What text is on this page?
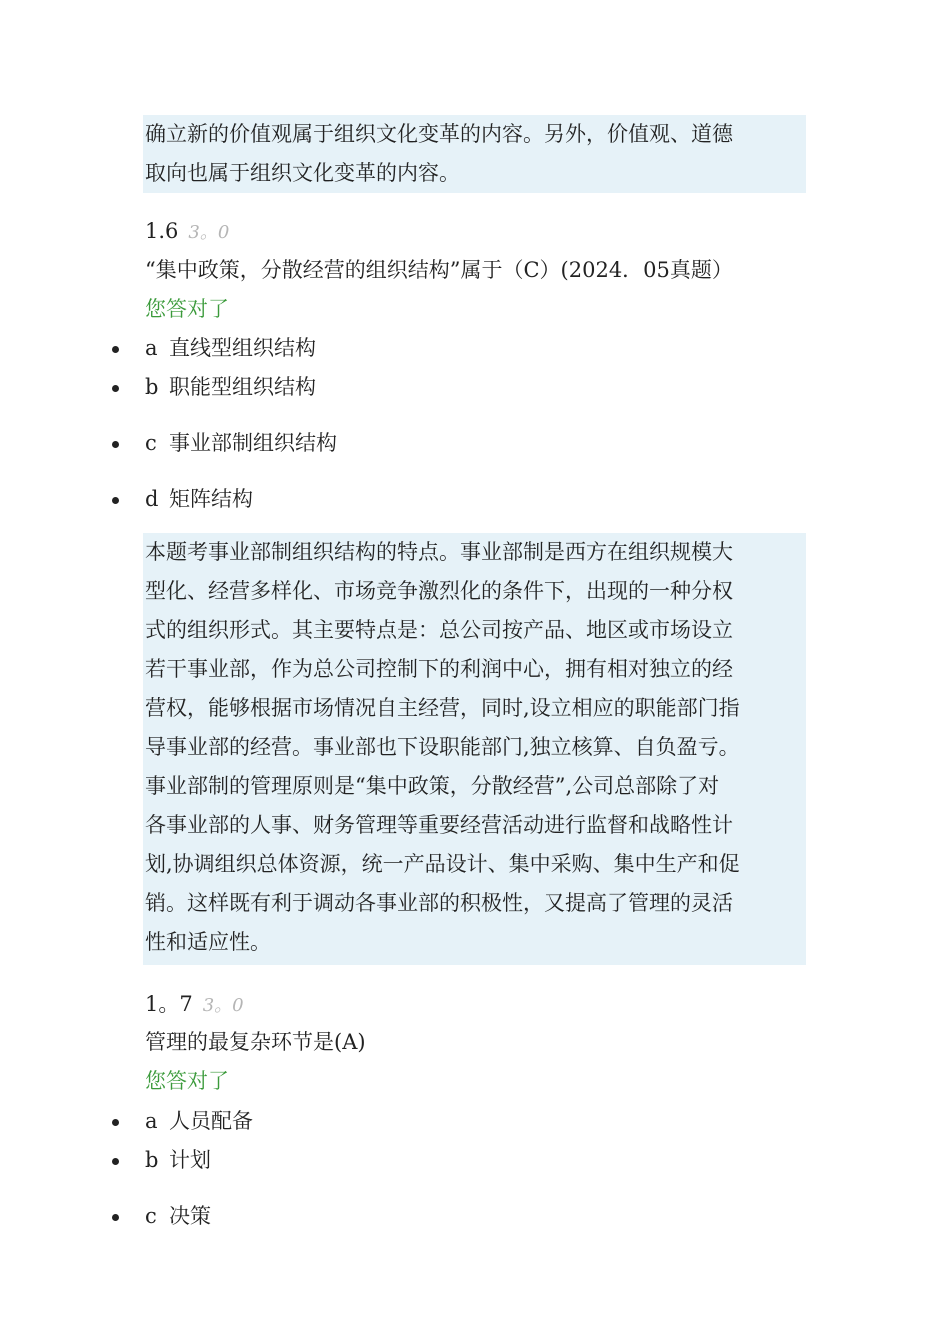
确立新的价值观属于组织文化变革的内容。另外，价值观、道德

取向也属于组织文化变革的内容。

1.6 3。0
“集中政策，分散经营的组织结构”属于（C）(2024．05真题）
您答对了
a 直线型组织结构
b 职能型组织结构
c 事业部制组织结构
d 矩阵结构

本题考事业部制组织结构的特点。事业部制是西方在组织规模大

型化、经营多样化、市场竞争激烈化的条件下，出现的一种分权

式的组织形式。其主要特点是：总公司按产品、地区或市场设立

若干事业部，作为总公司控制下的利润中心，拥有相对独立的经

营权，能够根据市场情况自主经营，同时,设立相应的职能部门指

导事业部的经营。事业部也下设职能部门,独立核算、自负盈亏。

事业部制的管理原则是“集中政策，分散经营”,公司总部除了对

各事业部的人事、财务管理等重要经营活动进行监督和战略性计

划,协调组织总体资源，统一产品设计、集中采购、集中生产和促

销。这样既有利于调动各事业部的积极性，又提高了管理的灵活

性和适应性。

1。7 3。0
管理的最复杂环节是(A)
您答对了
a 人员配备
b 计划
c 决策
